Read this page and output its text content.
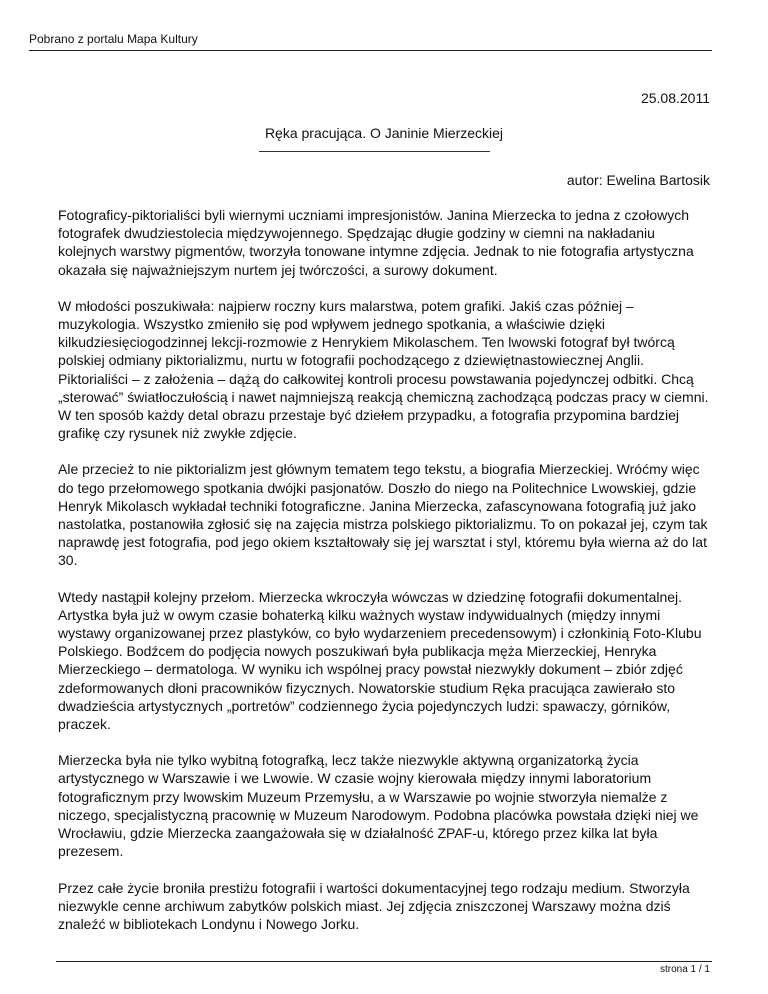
Pobrano z portalu Mapa Kultury
25.08.2011
Ręka pracująca. O Janinie Mierzeckiej
autor: Ewelina Bartosik

Fotograficy-piktorialiści byli wiernymi uczniami impresjonistów. Janina Mierzecka to jedna z czołowych fotografek dwudziestolecia międzywojennego. Spędzając długie godziny w ciemni na nakładaniu kolejnych warstwy pigmentów, tworzyła tonowane intymne zdjęcia. Jednak to nie fotografia artystyczna okazała się najważniejszym nurtem jej twórczości, a surowy dokument.

W młodości poszukiwała: najpierw roczny kurs malarstwa, potem grafiki. Jakiś czas później – muzykologia. Wszystko zmieniło się pod wpływem jednego spotkania, a właściwie dzięki kilkudziesięciogodzinnej lekcji-rozmowie z Henrykiem Mikolaschem. Ten lwowski fotograf był twórcą polskiej odmiany piktorializmu, nurtu w fotografii pochodzącego z dziewiętnastowiecznej Anglii. Piktorialiści – z założenia – dążą do całkowitej kontroli procesu powstawania pojedynczej odbitki. Chcą „sterować” światłoczułością i nawet najmniejszą reakcją chemiczną zachodzącą podczas pracy w ciemni. W ten sposób każdy detal obrazu przestaje być dziełem przypadku, a fotografia przypomina bardziej grafikę czy rysunek niż zwykłe zdjęcie.

Ale przecież to nie piktorializm jest głównym tematem tego tekstu, a biografia Mierzeckiej. Wróćmy więc do tego przełomowego spotkania dwójki pasjonatów. Doszło do niego na Politechnice Lwowskiej, gdzie Henryk Mikolasch wykładał techniki fotograficzne. Janina Mierzecka, zafascynowana fotografią już jako nastolatka, postanowiła zgłosić się na zajęcia mistrza polskiego piktorializmu. To on pokazał jej, czym tak naprawdę jest fotografia, pod jego okiem kształtowały się jej warsztat i styl, któremu była wierna aż do lat 30.

Wtedy nastąpił kolejny przełom. Mierzecka wkroczyła wówczas w dziedzinę fotografii dokumentalnej. Artystka była już w owym czasie bohaterką kilku ważnych wystaw indywidualnych (między innymi wystawy organizowanej przez plastyków, co było wydarzeniem precedensowym) i członkinią Foto-Klubu Polskiego. Bodźcem do podjęcia nowych poszukiwań była publikacja męża Mierzeckiej, Henryka Mierzeckiego – dermatologa. W wyniku ich wspólnej pracy powstał niezwykły dokument – zbiór zdjęć zdeformowanych dłoni pracowników fizycznych. Nowatorskie studium Ręka pracująca zawierało sto dwadzieścia artystycznych „portretów” codziennego życia pojedynczych ludzi: spawaczy, górników, praczek.

Mierzecka była nie tylko wybitną fotografką, lecz także niezwykle aktywną organizatorką życia artystycznego w Warszawie i we Lwowie. W czasie wojny kierowała między innymi laboratorium fotograficznym przy lwowskim Muzeum Przemysłu, a w Warszawie po wojnie stworzyła niemalże z niczego, specjalistyczną pracownię w Muzeum Narodowym. Podobna placówka powstała dzięki niej we Wrocławiu, gdzie Mierzecka zaangażowała się w działalność ZPAF-u, którego przez kilka lat była prezesem.

Przez całe życie broniła prestiżu fotografii i wartości dokumentacyjnej tego rodzaju medium. Stworzyła niezwykle cenne archiwum zabytków polskich miast. Jej zdjęcia zniszczonej Warszawy można dziś znaleźć w bibliotekach Londynu i Nowego Jorku.

strona 1 / 1
